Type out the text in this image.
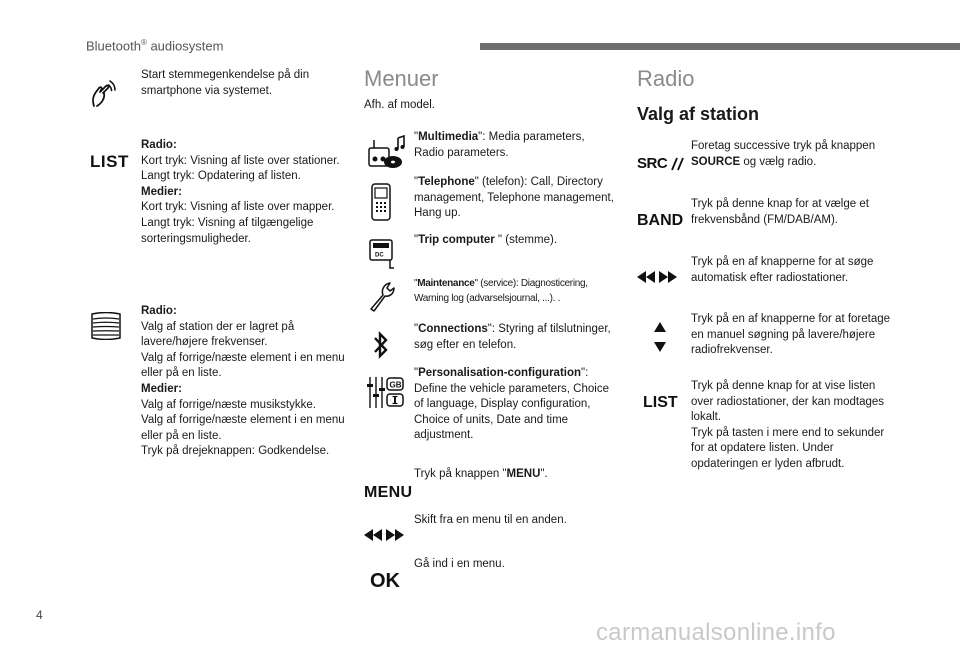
Bluetooth® audiosystem
Start stemmegenkendelse på din smartphone via systemet.
LIST
Radio:
Kort tryk: Visning af liste over stationer.
Langt tryk: Opdatering af listen.
Medier:
Kort tryk: Visning af liste over mapper.
Langt tryk: Visning af tilgængelige sorteringsmuligheder.
Radio:
Valg af station der er lagret på lavere/højere frekvenser.
Valg af forrige/næste element i en menu eller på en liste.
Medier:
Valg af forrige/næste musikstykke.
Valg af forrige/næste element i en menu eller på en liste.
Tryk på drejeknappen: Godkendelse.
Menuer
Afh. af model.
"Multimedia": Media parameters, Radio parameters.
"Telephone" (telefon): Call, Directory management, Telephone management, Hang up.
DC
"Trip computer " (stemme).
"Maintenance" (service): Diagnosticering, Warning log (advarselsjournal, ...). .
"Connections": Styring af tilslutninger, søg efter en telefon.
GB
"Personalisation-configuration": Define the vehicle parameters, Choice of language, Display configuration, Choice of units, Date and time adjustment.
MENU
Tryk på knappen "MENU".
Skift fra en menu til en anden.
OK
Gå ind i en menu.
Radio
Valg af station
SRC
Foretag successive tryk på knappen SOURCE og vælg radio.
BAND
Tryk på denne knap for at vælge et frekvensbånd (FM/DAB/AM).
Tryk på en af knapperne for at søge automatisk efter radiostationer.
Tryk på en af knapperne for at foretage en manuel søgning på lavere/højere radiofrekvenser.
LIST
Tryk på denne knap for at vise listen over radiostationer, der kan modtages lokalt.
Tryk på tasten i mere end to sekunder for at opdatere listen. Under opdateringen er lyden afbrudt.
4
carmanualsonline.info
